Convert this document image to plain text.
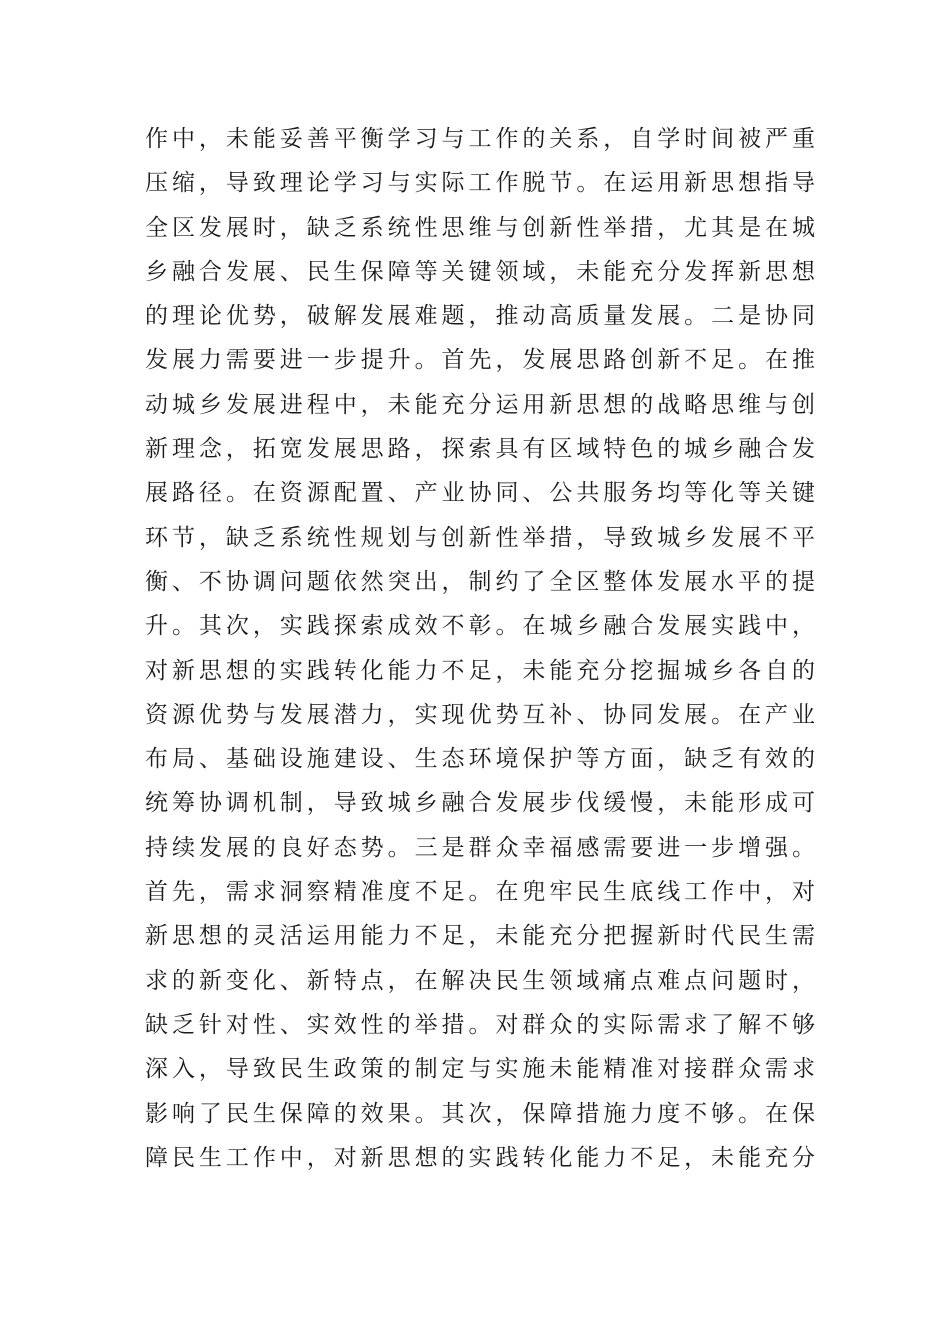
作中，未能妥善平衡学习与工作的关系，自学时间被严重
压缩，导致理论学习与实际工作脱节。在运用新思想指导
全区发展时，缺乏系统性思维与创新性举措，尤其是在城
乡融合发展、民生保障等关键领域，未能充分发挥新思想
的理论优势，破解发展难题，推动高质量发展。二是协同
发展力需要进一步提升。首先，发展思路创新不足。在推
动城乡发展进程中，未能充分运用新思想的战略思维与创
新理念，拓宽发展思路，探索具有区域特色的城乡融合发
展路径。在资源配置、产业协同、公共服务均等化等关键
环节，缺乏系统性规划与创新性举措，导致城乡发展不平
衡、不协调问题依然突出，制约了全区整体发展水平的提
升。其次，实践探索成效不彰。在城乡融合发展实践中，
对新思想的实践转化能力不足，未能充分挖掘城乡各自的
资源优势与发展潜力，实现优势互补、协同发展。在产业
布局、基础设施建设、生态环境保护等方面，缺乏有效的
统筹协调机制，导致城乡融合发展步伐缓慢，未能形成可
持续发展的良好态势。三是群众幸福感需要进一步增强。
首先，需求洞察精准度不足。在兜牢民生底线工作中，对
新思想的灵活运用能力不足，未能充分把握新时代民生需
求的新变化、新特点，在解决民生领域痛点难点问题时，
缺乏针对性、实效性的举措。对群众的实际需求了解不够
深入，导致民生政策的制定与实施未能精准对接群众需求
影响了民生保障的效果。其次，保障措施力度不够。在保
障民生工作中，对新思想的实践转化能力不足，未能充分
